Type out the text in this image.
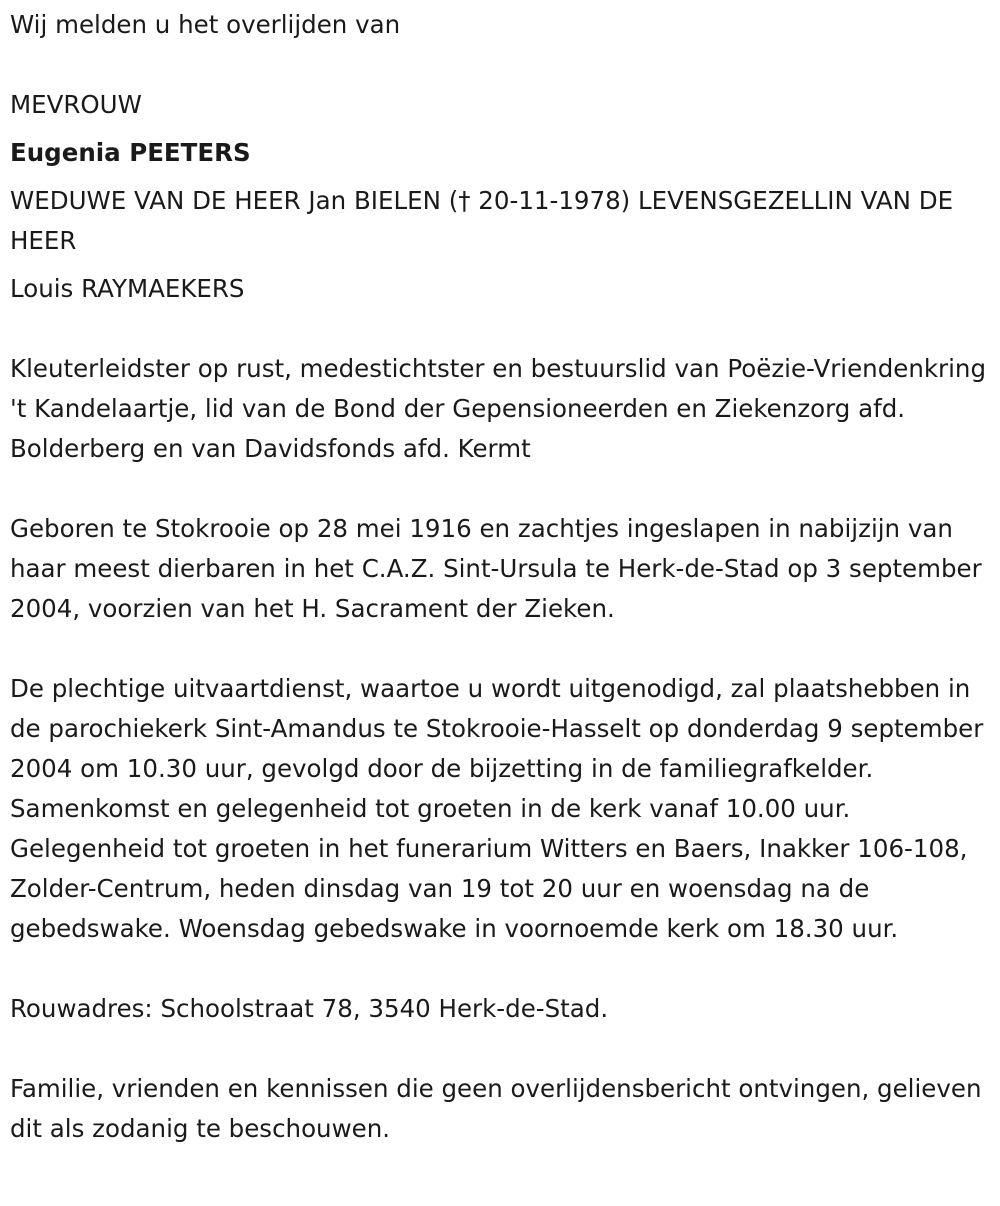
Wij melden u het overlijden van

MEVROUW

Eugenia PEETERS

WEDUWE VAN DE HEER Jan BIELEN († 20-11-1978) LEVENSGEZELLIN VAN DE HEER

Louis RAYMAEKERS

Kleuterleidster op rust, medestichtster en bestuurslid van Poëzie-Vriendenkring 't Kandelaartje, lid van de Bond der Gepensioneerden en Ziekenzorg afd. Bolderberg en van Davidsfonds afd. Kermt

Geboren te Stokrooie op 28 mei 1916 en zachtjes ingeslapen in nabijzijn van haar meest dierbaren in het C.A.Z. Sint-Ursula te Herk-de-Stad op 3 september 2004, voorzien van het H. Sacrament der Zieken.

De plechtige uitvaartdienst, waartoe u wordt uitgenodigd, zal plaatshebben in de parochiekerk Sint-Amandus te Stokrooie-Hasselt op donderdag 9 september 2004 om 10.30 uur, gevolgd door de bijzetting in de familiegrafkelder. Samenkomst en gelegenheid tot groeten in de kerk vanaf 10.00 uur. Gelegenheid tot groeten in het funerarium Witters en Baers, Inakker 106-108, Zolder-Centrum, heden dinsdag van 19 tot 20 uur en woensdag na de gebedswake. Woensdag gebedswake in voornoemde kerk om 18.30 uur.

Rouwadres: Schoolstraat 78, 3540 Herk-de-Stad.

Familie, vrienden en kennissen die geen overlijdensbericht ontvingen, gelieven dit als zodanig te beschouwen.
